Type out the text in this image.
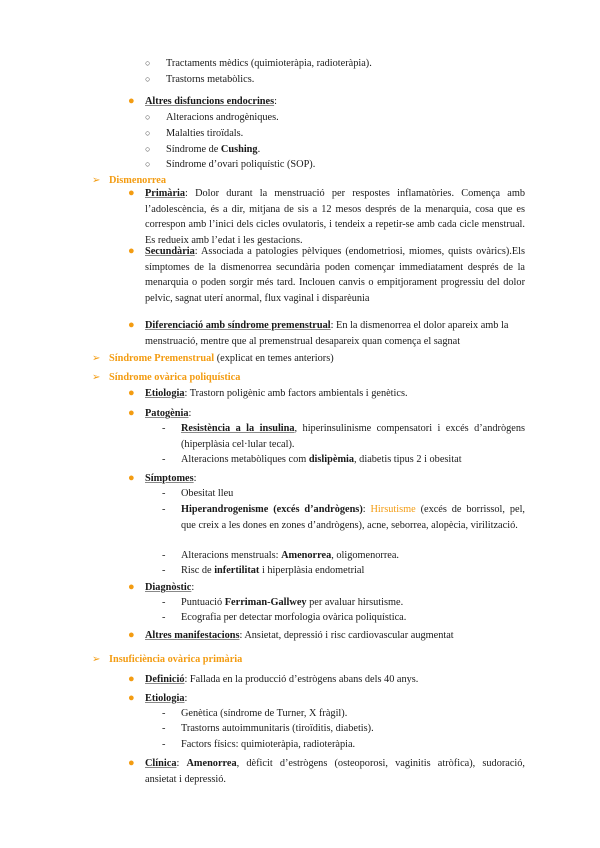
○ Tractaments mèdics (quimioteràpia, radioteràpia).
○ Trastorns metabòlics.
● Altres disfuncions endocrines:
○ Alteracions androgèniques.
○ Malalties tiroïdals.
○ Síndrome de Cushing.
○ Síndrome d’ovari poliquístic (SOP).
➢ Dismenorrea
● Primària: Dolor durant la menstruació per respostes inflamatòries. Comença amb l’adolescència, és a dir, mitjana de sis a 12 mesos després de la menarquia, cosa que es correspon amb l’inici dels cicles ovulatoris, i tendeix a repetir-se amb cada cicle menstrual. Es redueix amb l’edat i les gestacions.
● Secundària: Associada a patologies pèlviques (endometriosi, miomes, quists ovàrics).Els símptomes de la dismenorrea secundària poden començar immediatament després de la menarquia o poden sorgir més tard. Inclouen canvis o empitjorament progressiu del dolor pelvic, sagnat uterí anormal, flux vaginal i disparèunia
● Diferenciació amb síndrome premenstrual: En la dismenorrea el dolor apareix amb la menstruació, mentre que al premenstrual desapareix quan comença el sagnat
➢ Síndrome Premenstrual (explicat en temes anteriors)
➢ Síndrome ovàrica poliquística
● Etiologia: Trastorn poligènic amb factors ambientals i genètics.
● Patogènia:
- Resistència a la insulina, hiperinsulinisme compensatori i excés d’andrògens (hiperplàsia cel·lular tecal).
- Alteracions metabòliques com dislipèmia, diabetis tipus 2 i obesitat
● Símptomes:
- Obesitat lleu
- Hiperandrogenisme (excés d’andrògens): Hirsutisme (excés de borrissol, pel, que creix a les dones en zones d’andrògens), acne, seborrea, alopècia, virilització.
- Alteracions menstruals: Amenorrea, oligomenorrea.
- Risc de infertilitat i hiperplàsia endometrial
● Diagnòstic:
- Puntuació Ferriman-Gallwey per avaluar hirsutisme.
- Ecografia per detectar morfologia ovàrica poliquística.
● Altres manifestacions: Ansietat, depressió i risc cardiovascular augmentat
➢ Insuficiència ovàrica primària
● Definició: Fallada en la producció d’estrògens abans dels 40 anys.
● Etiologia:
- Genètica (síndrome de Turner, X fràgil).
- Trastorns autoimmunitaris (tiroïditis, diabetis).
- Factors físics: quimioteràpia, radioteràpia.
● Clínica: Amenorrea, dèficit d’estrògens (osteoporosi, vaginitis atròfica), sudoració, ansietat i depressió.
